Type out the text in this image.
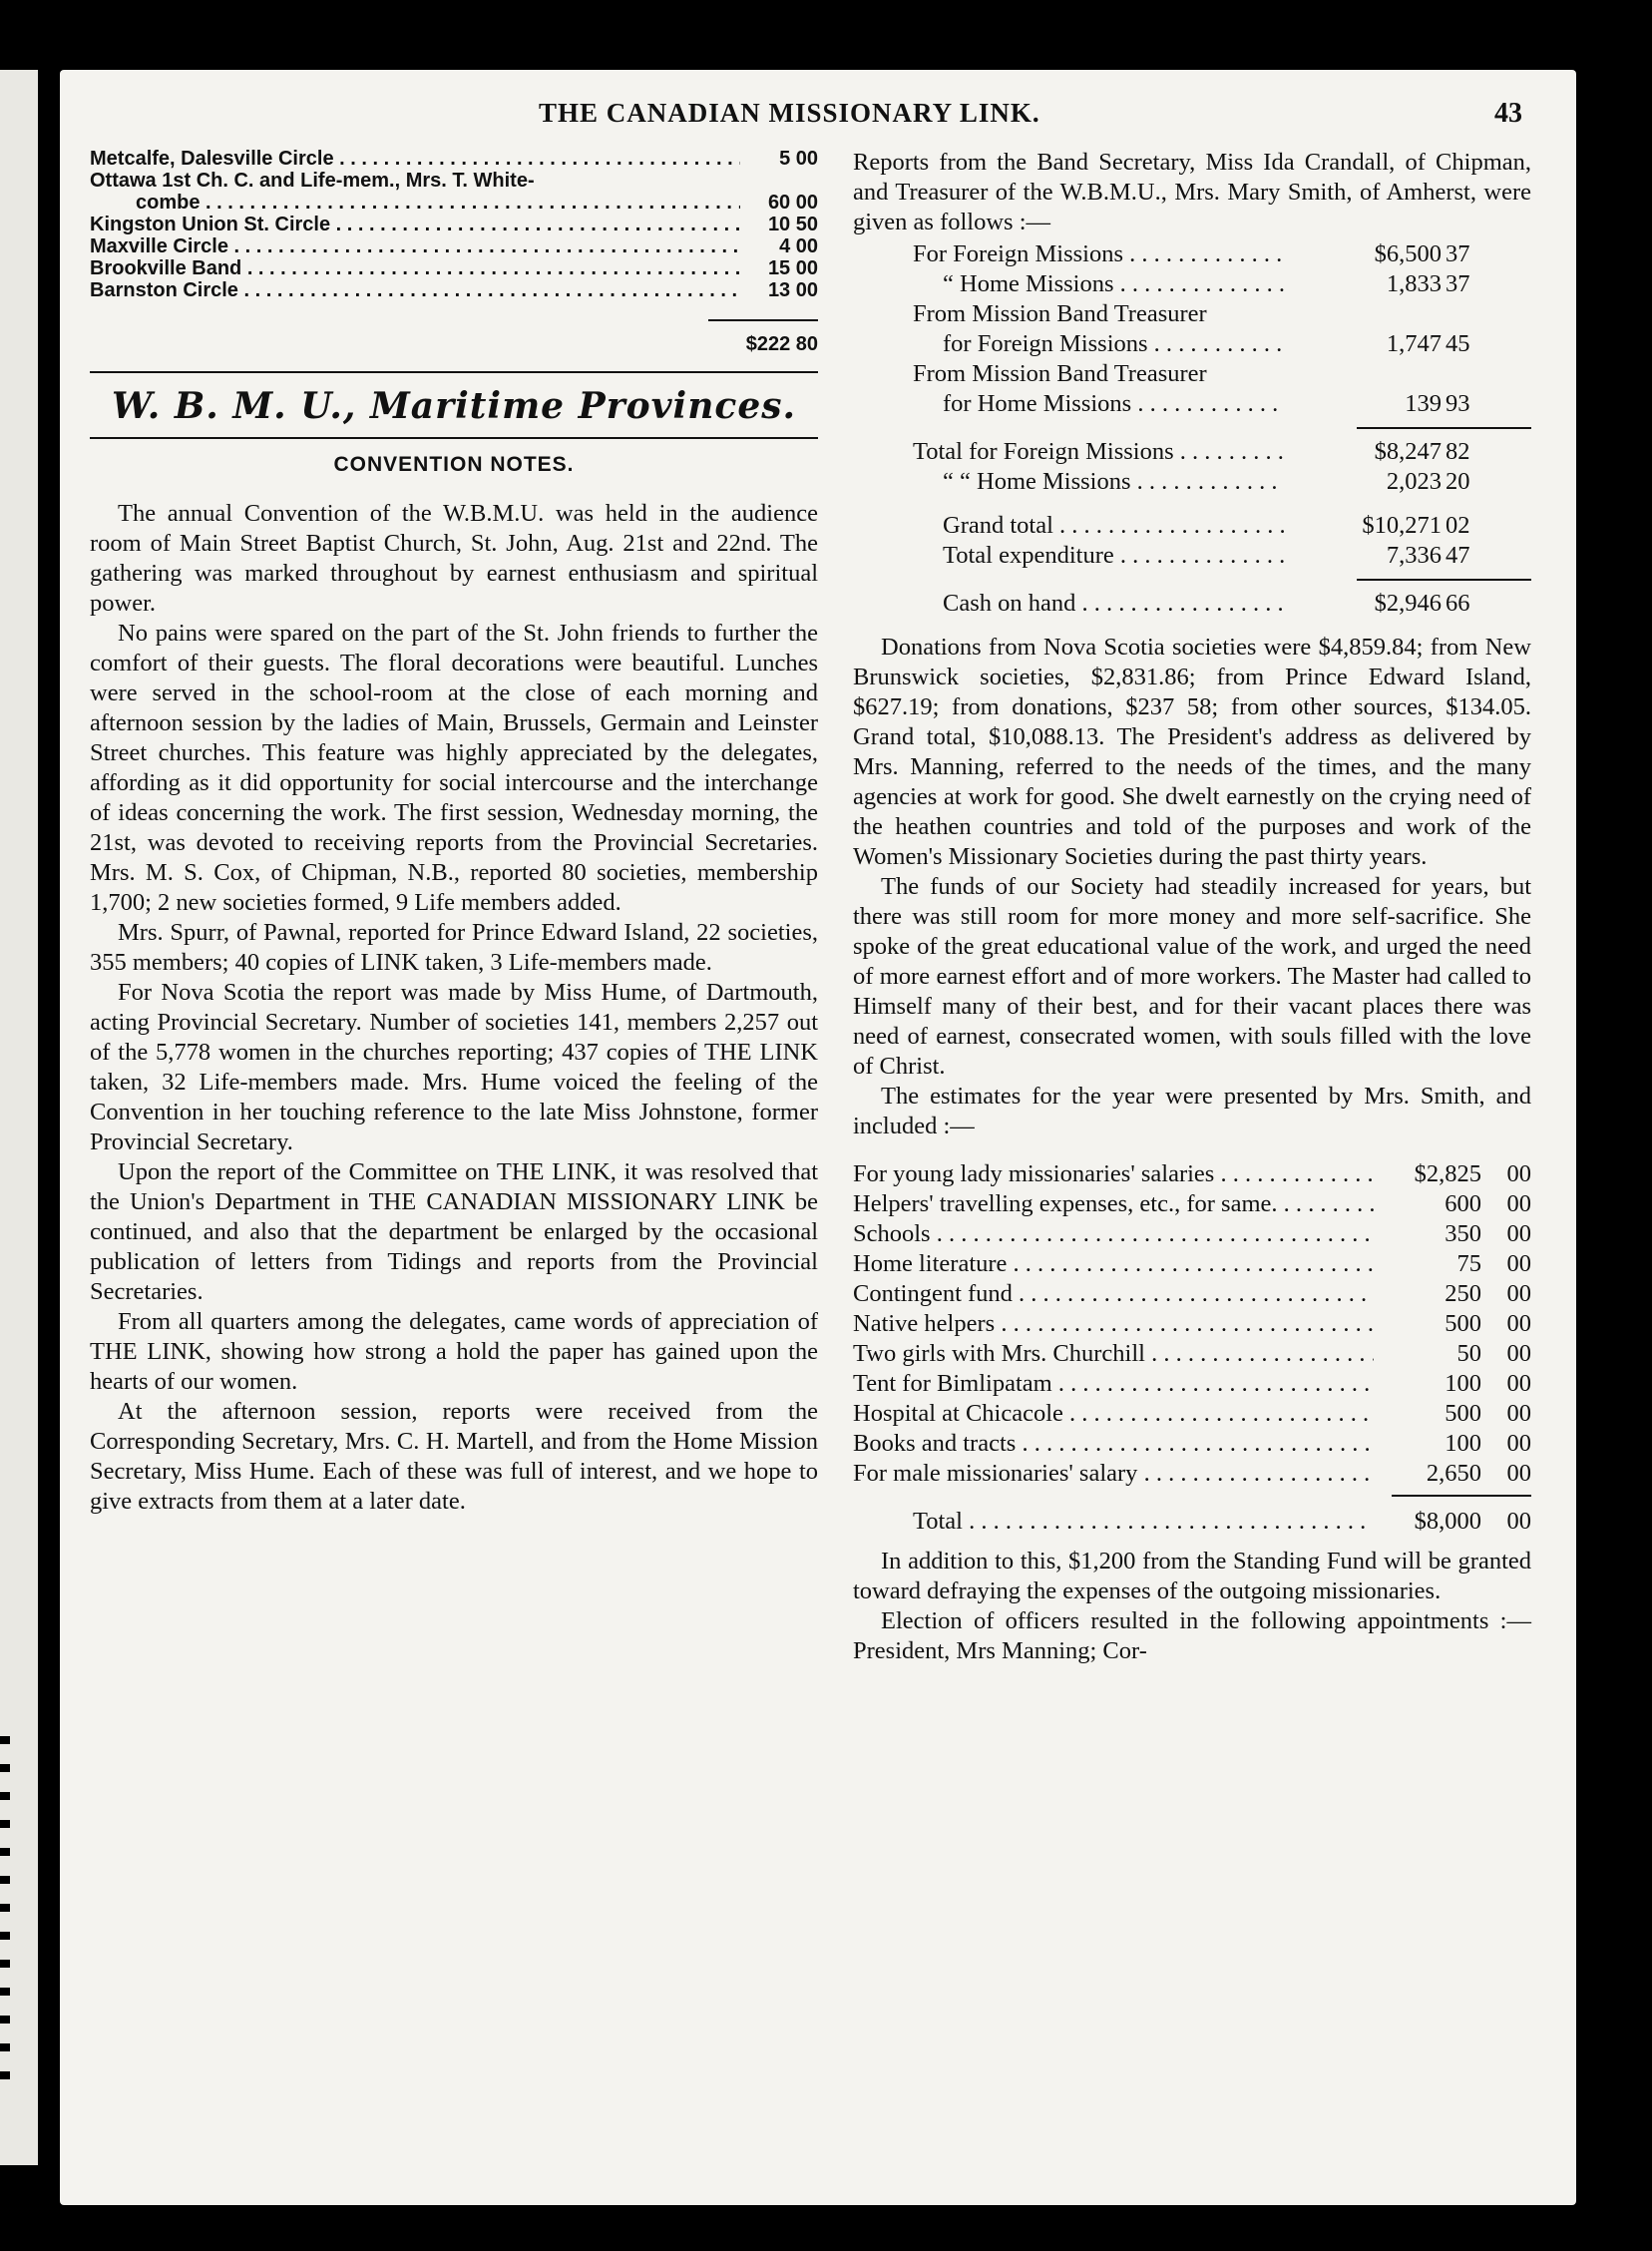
THE CANADIAN MISSIONARY LINK.	43
Metcalfe, Dalesville Circle . . .	5 00
Ottawa 1st Ch. C. and Life-mem., Mrs. T. White-
combe . . .	60 00
Kingston Union St. Circle . . .	10 50
Maxville Circle . . .	4 00
Brookville Band . . .	15 00
Barnston Circle . . .	13 00
$222 80
W. B. M. U., Maritime Provinces.
CONVENTION NOTES.

The annual Convention of the W.B.M.U. was held in the audience room of Main Street Baptist Church, St. John, Aug. 21st and 22nd. The gathering was marked throughout by earnest enthusiasm and spiritual power.

No pains were spared on the part of the St. John friends to further the comfort of their guests. The floral decorations were beautiful. Lunches were served in the school-room at the close of each morning and afternoon session by the ladies of Main, Brussels, Germain and Leinster Street churches. This feature was highly appreciated by the delegates, affording as it did opportunity for social intercourse and the interchange of ideas concerning the work. The first session, Wednesday morning, the 21st, was devoted to receiving reports from the Provincial Secretaries. Mrs. M. S. Cox, of Chipman, N.B., reported 80 societies, membership 1,700; 2 new societies formed, 9 Life members added.

Mrs. Spurr, of Pawnal, reported for Prince Edward Island, 22 societies, 355 members; 40 copies of LINK taken, 3 Life-members made.

For Nova Scotia the report was made by Miss Hume, of Dartmouth, acting Provincial Secretary. Number of societies 141, members 2,257 out of the 5,778 women in the churches reporting; 437 copies of THE LINK taken, 32 Life-members made. Mrs. Hume voiced the feeling of the Convention in her touching reference to the late Miss Johnstone, former Provincial Secretary.

Upon the report of the Committee on THE LINK, it was resolved that the Union's Department in THE CANADIAN MISSIONARY LINK be continued, and also that the department be enlarged by the occasional publication of letters from Tidings and reports from the Provincial Secretaries.

From all quarters among the delegates, came words of appreciation of THE LINK, showing how strong a hold the paper has gained upon the hearts of our women.

At the afternoon session, reports were received from the Corresponding Secretary, Mrs. C. H. Martell, and from the Home Mission Secretary, Miss Hume. Each of these was full of interest, and we hope to give extracts from them at a later date.

Reports from the Band Secretary, Miss Ida Crandall, of Chipman, and Treasurer of the W.B.M.U., Mrs. Mary Smith, of Amherst, were given as follows :—

For Foreign Missions . . .	$6,500 37
“ Home Missions . . .	1,833 37
From Mission Band Treasurer
for Foreign Missions . . .	1,747 45
From Mission Band Treasurer
for Home Missions . . .	139 93
Total for Foreign Missions . . .	$8,247 82
“ “ Home Missions . . .	2,023 20
Grand total . . .	$10,271 02
Total expenditure . . .	7,336 47
Cash on hand . . .	$2,946 66

Donations from Nova Scotia societies were $4,859.84; from New Brunswick societies, $2,831.86; from Prince Edward Island, $627.19; from donations, $237 58; from other sources, $134.05. Grand total, $10,088.13. The President's address as delivered by Mrs. Manning, referred to the needs of the times, and the many agencies at work for good. She dwelt earnestly on the crying need of the heathen countries and told of the purposes and work of the Women's Missionary Societies during the past thirty years.

The funds of our Society had steadily increased for years, but there was still room for more money and more self-sacrifice. She spoke of the great educational value of the work, and urged the need of more earnest effort and of more workers. The Master had called to Himself many of their best, and for their vacant places there was need of earnest, consecrated women, with souls filled with the love of Christ.

The estimates for the year were presented by Mrs. Smith, and included :—

For young lady missionaries' salaries . . .	$2,825	00
Helpers' travelling expenses, etc., for same. . . .	600	00
Schools . . .	350	00
Home literature . . .	75	00
Contingent fund . . .	250	00
Native helpers . . .	500	00
Two girls with Mrs. Churchill . . .	50	00
Tent for Bimlipatam . . .	100	00
Hospital at Chicacole . . .	500	00
Books and tracts . . .	100	00
For male missionaries' salary . . .	2,650	00
Total . . .	$8,000	00

In addition to this, $1,200 from the Standing Fund will be granted toward defraying the expenses of the outgoing missionaries.

Election of officers resulted in the following appointments :—President, Mrs Manning; Cor-
